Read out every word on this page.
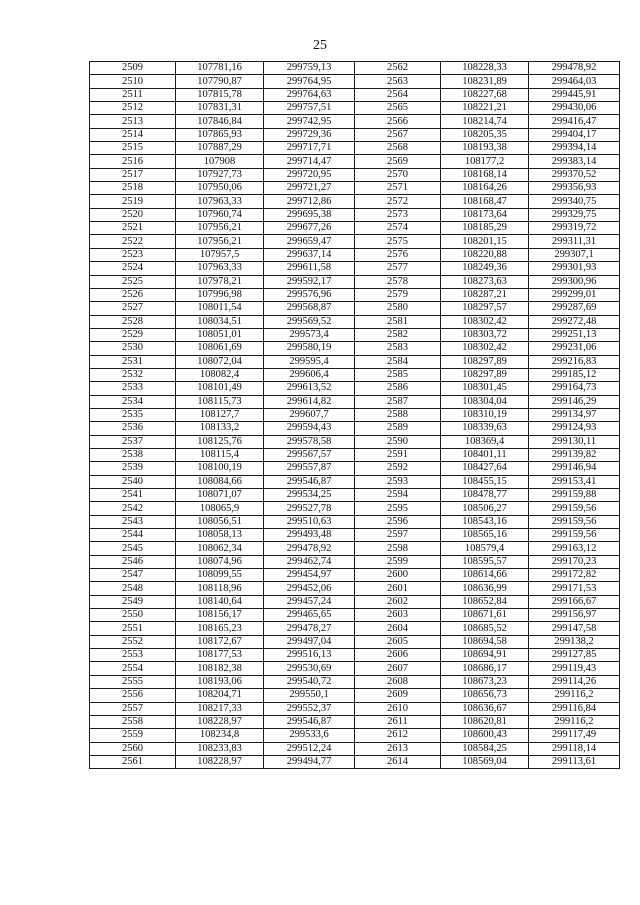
25
2509	107781,16	299759,13	2562	108228,33	299478,92
2510	107790,87	299764,95	2563	108231,89	299464,03
2511	107815,78	299764,63	2564	108227,68	299445,91
2512	107831,31	299757,51	2565	108221,21	299430,06
2513	107846,84	299742,95	2566	108214,74	299416,47
2514	107865,93	299729,36	2567	108205,35	299404,17
2515	107887,29	299717,71	2568	108193,38	299394,14
2516	107908	299714,47	2569	108177,2	299383,14
2517	107927,73	299720,95	2570	108168,14	299370,52
2518	107950,06	299721,27	2571	108164,26	299356,93
2519	107963,33	299712,86	2572	108168,47	299340,75
2520	107960,74	299695,38	2573	108173,64	299329,75
2521	107956,21	299677,26	2574	108185,29	299319,72
2522	107956,21	299659,47	2575	108201,15	299311,31
2523	107957,5	299637,14	2576	108220,88	299307,1
2524	107963,33	299611,58	2577	108249,36	299301,93
2525	107978,21	299592,17	2578	108273,63	299300,96
2526	107996,98	299576,96	2579	108287,21	299299,01
2527	108011,54	299568,87	2580	108297,57	299287,69
2528	108034,51	299569,52	2581	108302,42	299272,48
2529	108051,01	299573,4	2582	108303,72	299251,13
2530	108061,69	299580,19	2583	108302,42	299231,06
2531	108072,04	299595,4	2584	108297,89	299216,83
2532	108082,4	299606,4	2585	108297,89	299185,12
2533	108101,49	299613,52	2586	108301,45	299164,73
2534	108115,73	299614,82	2587	108304,04	299146,29
2535	108127,7	299607,7	2588	108310,19	299134,97
2536	108133,2	299594,43	2589	108339,63	299124,93
2537	108125,76	299578,58	2590	108369,4	299130,11
2538	108115,4	299567,57	2591	108401,11	299139,82
2539	108100,19	299557,87	2592	108427,64	299146,94
2540	108084,66	299546,87	2593	108455,15	299153,41
2541	108071,07	299534,25	2594	108478,77	299159,88
2542	108065,9	299527,78	2595	108506,27	299159,56
2543	108056,51	299510,63	2596	108543,16	299159,56
2544	108058,13	299493,48	2597	108565,16	299159,56
2545	108062,34	299478,92	2598	108579,4	299163,12
2546	108074,96	299462,74	2599	108595,57	299170,23
2547	108099,55	299454,97	2600	108614,66	299172,82
2548	108118,96	299452,06	2601	108636,99	299171,53
2549	108140,64	299457,24	2602	108652,84	299166,67
2550	108156,17	299465,65	2603	108671,61	299156,97
2551	108165,23	299478,27	2604	108685,52	299147,58
2552	108172,67	299497,04	2605	108694,58	299138,2
2553	108177,53	299516,13	2606	108694,91	299127,85
2554	108182,38	299530,69	2607	108686,17	299119,43
2555	108193,06	299540,72	2608	108673,23	299114,26
2556	108204,71	299550,1	2609	108656,73	299116,2
2557	108217,33	299552,37	2610	108636,67	299116,84
2558	108228,97	299546,87	2611	108620,81	299116,2
2559	108234,8	299533,6	2612	108600,43	299117,49
2560	108233,83	299512,24	2613	108584,25	299118,14
2561	108228,97	299494,77	2614	108569,04	299113,61
